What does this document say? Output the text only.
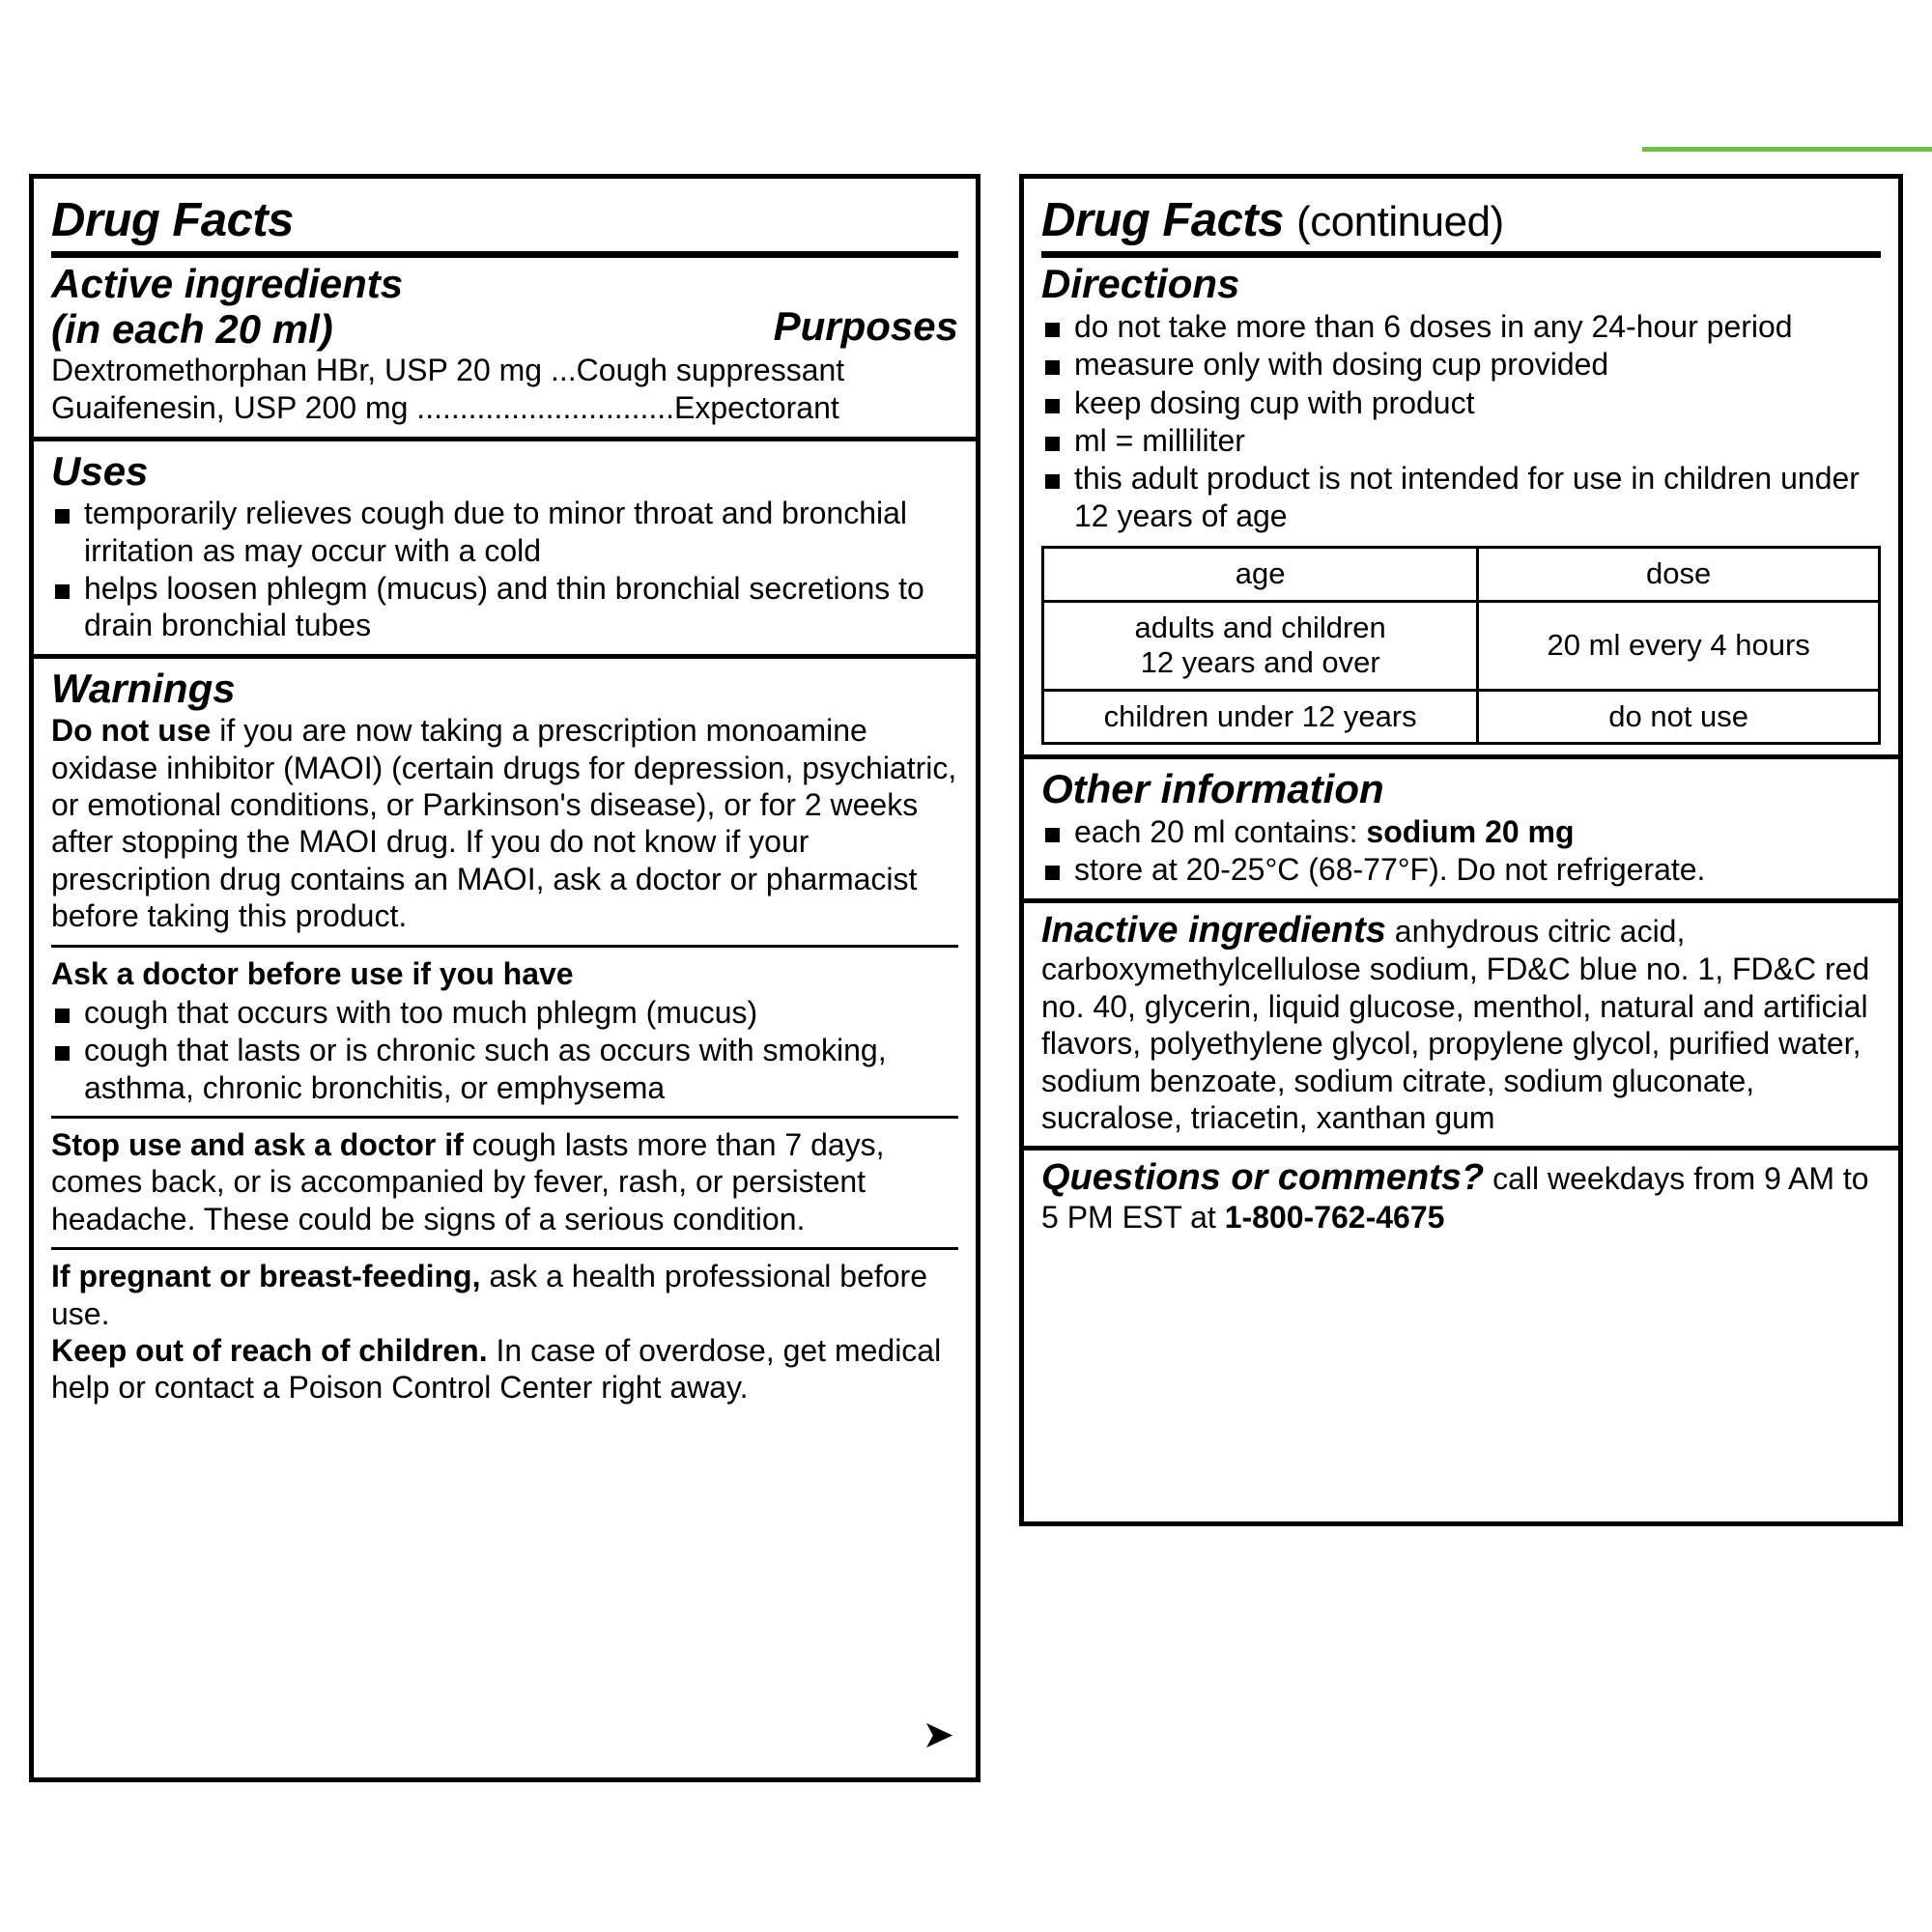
Drug Facts
Active ingredients
(in each 20 ml)	Purposes
Dextromethorphan HBr, USP 20 mg ...Cough suppressant
Guaifenesin, USP 200 mg ..............................Expectorant
Uses
temporarily relieves cough due to minor throat and bronchial irritation as may occur with a cold
helps loosen phlegm (mucus) and thin bronchial secretions to drain bronchial tubes
Warnings

Do not use if you are now taking a prescription monoamine oxidase inhibitor (MAOI) (certain drugs for depression, psychiatric, or emotional conditions, or Parkinson's disease), or for 2 weeks after stopping the MAOI drug. If you do not know if your prescription drug contains an MAOI, ask a doctor or pharmacist before taking this product.

Ask a doctor before use if you have
cough that occurs with too much phlegm (mucus)
cough that lasts or is chronic such as occurs with smoking, asthma, chronic bronchitis, or emphysema

Stop use and ask a doctor if cough lasts more than 7 days, comes back, or is accompanied by fever, rash, or persistent headache. These could be signs of a serious condition.

If pregnant or breast-feeding, ask a health professional before use.

Keep out of reach of children. In case of overdose, get medical help or contact a Poison Control Center right away.

➤
Drug Facts (continued)
Directions
do not take more than 6 doses in any 24-hour period
measure only with dosing cup provided
keep dosing cup with product
ml = milliliter
this adult product is not intended for use in children under 12 years of age
age	dose
adults and children
12 years and over	20 ml every 4 hours
children under 12 years	do not use
Other information
each 20 ml contains: sodium 20 mg
store at 20-25°C (68-77°F). Do not refrigerate.

Inactive ingredients anhydrous citric acid, carboxymethylcellulose sodium, FD&C blue no. 1, FD&C red no. 40, glycerin, liquid glucose, menthol, natural and artificial flavors, polyethylene glycol, propylene glycol, purified water, sodium benzoate, sodium citrate, sodium gluconate, sucralose, triacetin, xanthan gum

Questions or comments? call weekdays from 9 AM to 5 PM EST at 1-800-762-4675
